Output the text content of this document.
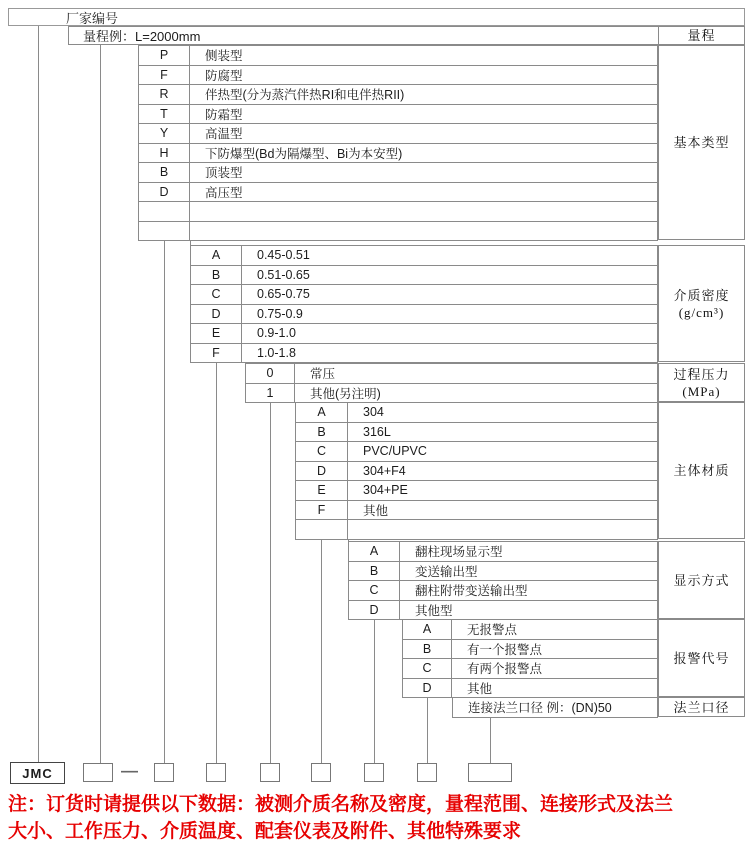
厂家编号
量程例：L=2000mm
P	侧装型
F	防腐型
R	伴热型(分为蒸汽伴热RI和电伴热RII)
T	防霜型
Y	高温型
H	下防爆型(Bd为隔爆型、Bi为本安型)
B	顶装型
D	高压型
基本类型
A	0.45-0.51
B	0.51-0.65
C	0.65-0.75
D	0.75-0.9
E	0.9-1.0
F	1.0-1.8
介质密度
(g/cm³)
0	常压
1	其他(另注明)
过程压力
(MPa)
A	304
B	316L
C	PVC/UPVC
D	304+F4
E	304+PE
F	其他
主体材质
A	翻柱现场显示型
B	变送输出型
C	翻柱附带变送输出型
D	其他型
显示方式
A	无报警点
B	有一个报警点
C	有两个报警点
D	其他
报警代号
连接法兰口径 例：(DN)50	法兰口径
量程
JMC	—
注：订货时请提供以下数据：被测介质名称及密度，量程范围、连接形式及法兰
大小、工作压力、介质温度、配套仪表及附件、其他特殊要求
